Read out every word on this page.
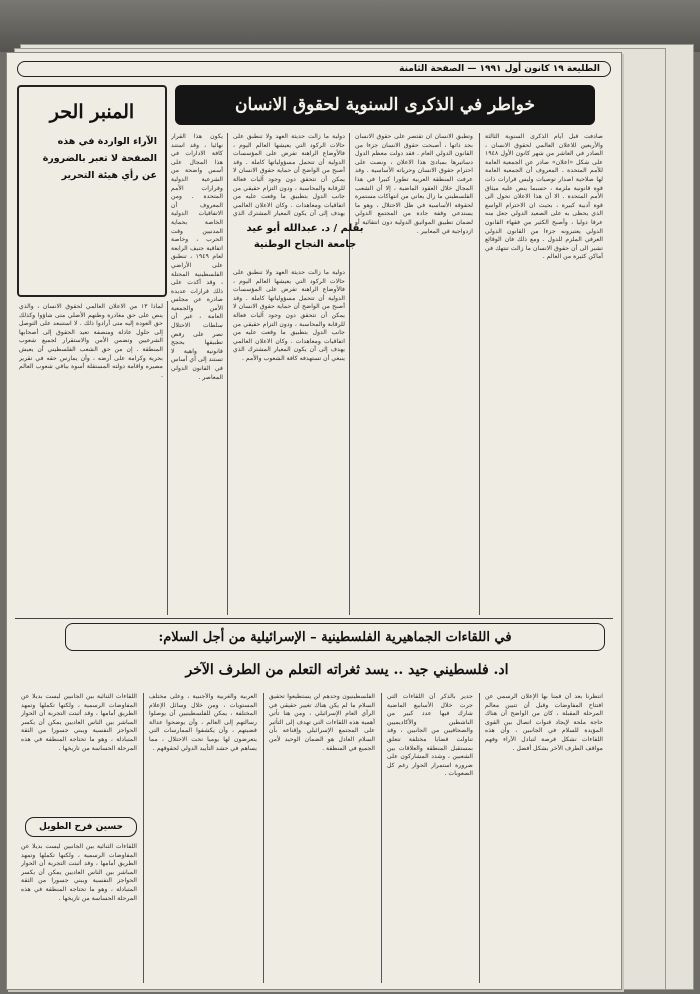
الطليعة ١٩ كانون أول ١٩٩١ — الصفحة الثامنة
خواطر في الذكرى السنوية لحقوق الانسان
المنبر الحر
الآراء الواردة في هذه
الصفحة لا تعبر بالضرورة
عن رأي هيئة التحرير
صادفت قبل أيام الذكرى السنوية الثالثة والأربعين للاعلان العالمي لحقوق الانسان ، الصادر في العاشر من شهر كانون الأول ١٩٤٨ على شكل «اعلان» صادر عن الجمعية العامة للأمم المتحدة . المعروف أن الجمعية العامة لها صلاحية اصدار توصيات وليس قرارات ذات قوة قانونية ملزمة ، حسبما ينص عليه ميثاق الأمم المتحدة . الا أن هذا الاعلان تحول الى قوة أدبية كبيرة ، بحيث ان الاحترام الواسع الذي يحظى به على الصعيد الدولي جعل منه عرفا دوليا ، وأصبح الكثير من فقهاء القانون الدولي يعتبرونه جزءا من القانون الدولي العرفي الملزم للدول . ومع ذلك فان الوقائع تشير الى أن حقوق الانسان ما زالت تنتهك في أماكن كثيرة من العالم .
وتطبق الانسان ان تقتصر على حقوق الانسان بحد ذاتها ، أصبحت حقوق الانسان جزءا من القانون الدولي العام . فقد دولت معظم الدول دساتيرها بمبادئ هذا الاعلان ، ونصت على احترام حقوق الانسان وحرياته الأساسية . وقد عرفت المنطقة العربية تطورا كبيرا في هذا المجال خلال العقود الماضية ، إلا أن الشعب الفلسطيني ما زال يعاني من انتهاكات مستمرة لحقوقه الأساسية في ظل الاحتلال ، وهو ما يستدعي وقفة جادة من المجتمع الدولي لضمان تطبيق المواثيق الدولية دون انتقائية أو ازدواجية في المعايير .
دولية ما زالت حديثة العهد ولا تنطبق على حالات الركود التي يعيشها العالم اليوم ، فالأوضاع الراهنة تفرض على المؤسسات الدولية أن تتحمل مسؤولياتها كاملة . وقد أصبح من الواضح أن حماية حقوق الانسان لا يمكن أن تتحقق دون وجود آليات فعالة للرقابة والمحاسبة ، ودون التزام حقيقي من جانب الدول بتطبيق ما وقعت عليه من اتفاقيات ومعاهدات . وكان الاعلان العالمي يهدف إلى أن يكون المعيار المشترك الذي
بقلم / د. عبدالله أبو عيد
جامعة النجاح الوطنية
دولية ما زالت حديثة العهد ولا تنطبق على حالات الركود التي يعيشها العالم اليوم ، فالأوضاع الراهنة تفرض على المؤسسات الدولية أن تتحمل مسؤولياتها كاملة . وقد أصبح من الواضح أن حماية حقوق الانسان لا يمكن أن تتحقق دون وجود آليات فعالة للرقابة والمحاسبة ، ودون التزام حقيقي من جانب الدول بتطبيق ما وقعت عليه من اتفاقيات ومعاهدات . وكان الاعلان العالمي يهدف إلى أن يكون المعيار المشترك الذي ينبغي أن تستهدفه كافة الشعوب والأمم .
يكون هذا القرار نهائيا ، وقد استند كافة الادارات في هذا المجال على أسس واضحة من الشرعية الدولية وقرارات الأمم المتحدة . ومن المعروف أن الاتفاقيات الدولية الخاصة بحماية المدنيين وقت الحرب ، وخاصة اتفاقية جنيف الرابعة لعام ١٩٤٩ ، تنطبق على الأراضي الفلسطينية المحتلة ، وقد أكدت على ذلك قرارات عديدة صادرة عن مجلس الأمن والجمعية العامة ، غير أن سلطات الاحتلال تصر على رفض تطبيقها بحجج قانونية واهية لا تستند إلى أي أساس في القانون الدولي المعاصر .
لماذا ١٣ من الاعلان العالمي لحقوق الانسان ، والذي ينص على حق مغادرة وطنهم الأصلي متى شاؤوا وكذلك حق العودة إليه متى أرادوا ذلك . لا استنبعد على التوصل إلى حلول عادلة ومنصفة تعيد الحقوق إلى أصحابها الشرعيين وتضمن الأمن والاستقرار لجميع شعوب المنطقة . إن من حق الشعب الفلسطيني أن يعيش بحرية وكرامة على أرضه ، وأن يمارس حقه في تقرير مصيره واقامة دولته المستقلة أسوة بباقي شعوب العالم .
في اللقاءات الجماهيرية الفلسطينية – الإسرائيلية من أجل السلام:
اد. فلسطيني جيد .. يسد ثغراته التعلم من الطرف الآخر
انتظرنا بعد أن قمنا بها الإعلان الرسمي عن افتتاح المفاوضات وقبل أن تتبين معالم المرحلة المقبلة ، كان من الواضح أن هناك حاجة ملحة لإيجاد قنوات اتصال بين القوى المؤيدة للسلام في الجانبين ، وأن هذه اللقاءات تشكل فرصة لتبادل الآراء وفهم مواقف الطرف الآخر بشكل أفضل .
جدير بالذكر أن اللقاءات التي جرت خلال الأسابيع الماضية شارك فيها عدد كبير من الناشطين والأكاديميين والصحافيين من الجانبين ، وقد تناولت قضايا مختلفة تتعلق بمستقبل المنطقة والعلاقات بين الشعبين ، وشدد المشاركون على ضرورة استمرار الحوار رغم كل الصعوبات .
الفلسطينيون وحدهم لن يستطيعوا تحقيق السلام ما لم يكن هناك تغيير حقيقي في الرأي العام الإسرائيلي ، ومن هنا تأتي أهمية هذه اللقاءات التي تهدف إلى التأثير على المجتمع الإسرائيلي وإقناعه بأن السلام العادل هو الضمان الوحيد لأمن الجميع في المنطقة .
العربية والغربية والأجنبية ، وعلى مختلف المستويات ، ومن خلال وسائل الإعلام المختلفة ، يمكن للفلسطينيين أن يوصلوا رسالتهم إلى العالم ، وأن يوضحوا عدالة قضيتهم ، وأن يكشفوا الممارسات التي يتعرضون لها يوميا تحت الاحتلال ، مما يساهم في حشد التأييد الدولي لحقوقهم .
اللقاءات الثنائية بين الجانبين ليست بديلا عن المفاوضات الرسمية ، ولكنها تكملها وتمهد الطريق أمامها ، وقد أثبتت التجربة أن الحوار المباشر بين الناس العاديين يمكن أن يكسر الحواجز النفسية ويبني جسورا من الثقة المتبادلة ، وهو ما تحتاجه المنطقة في هذه المرحلة الحساسة من تاريخها .
حسين فرح الطويل
اللقاءات الثنائية بين الجانبين ليست بديلا عن المفاوضات الرسمية ، ولكنها تكملها وتمهد الطريق أمامها ، وقد أثبتت التجربة أن الحوار المباشر بين الناس العاديين يمكن أن يكسر الحواجز النفسية ويبني جسورا من الثقة المتبادلة ، وهو ما تحتاجه المنطقة في هذه المرحلة الحساسة من تاريخها .
